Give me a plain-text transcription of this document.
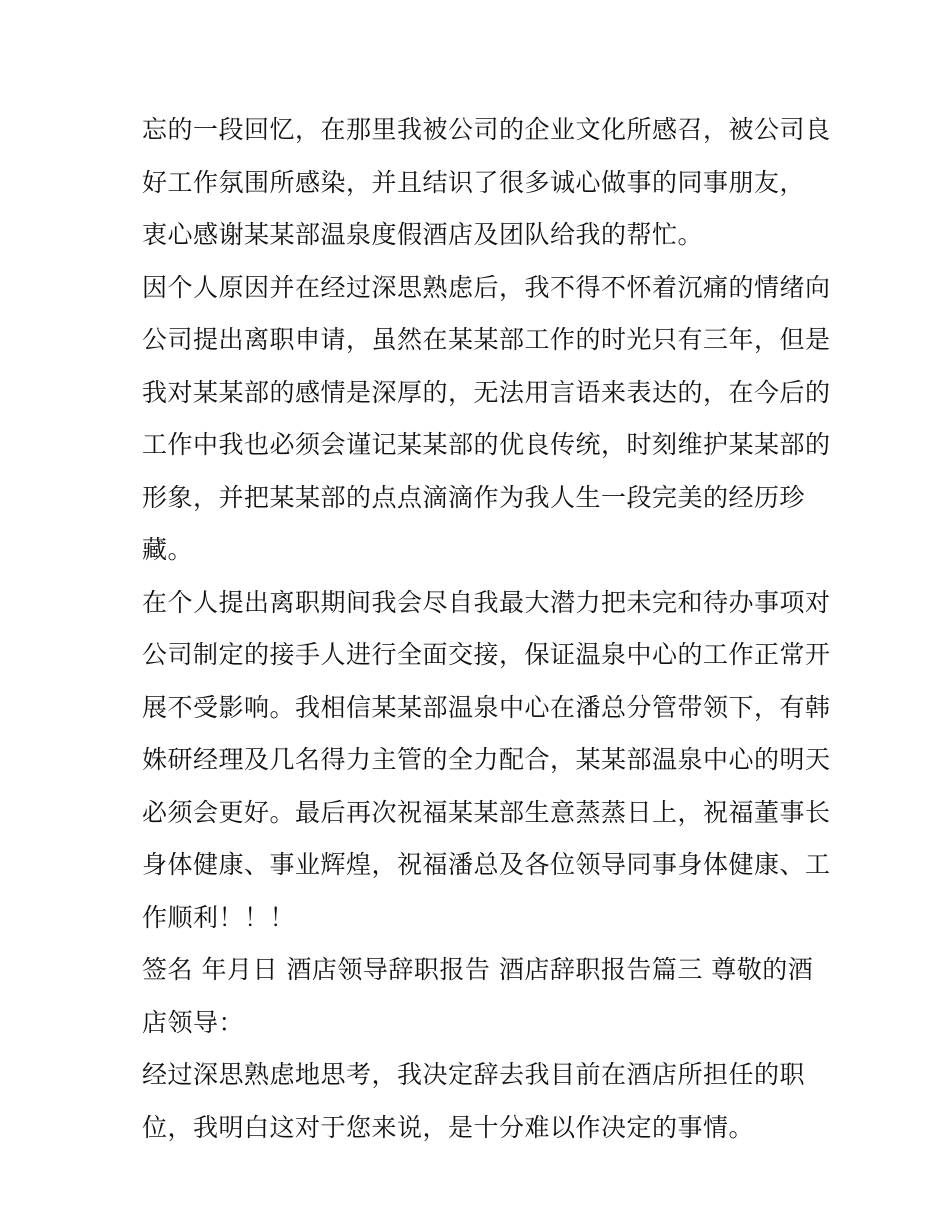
忘的一段回忆，在那里我被公司的企业文化所感召，被公司良
好工作氛围所感染，并且结识了很多诚心做事的同事朋友，
衷心感谢某某部温泉度假酒店及团队给我的帮忙。
因个人原因并在经过深思熟虑后，我不得不怀着沉痛的情绪向
公司提出离职申请，虽然在某某部工作的时光只有三年，但是
我对某某部的感情是深厚的，无法用言语来表达的，在今后的
工作中我也必须会谨记某某部的优良传统，时刻维护某某部的
形象，并把某某部的点点滴滴作为我人生一段完美的经历珍
藏。
在个人提出离职期间我会尽自我最大潜力把未完和待办事项对
公司制定的接手人进行全面交接，保证温泉中心的工作正常开
展不受影响。我相信某某部温泉中心在潘总分管带领下，有韩
姝研经理及几名得力主管的全力配合，某某部温泉中心的明天
必须会更好。最后再次祝福某某部生意蒸蒸日上，祝福董事长
身体健康、事业辉煌，祝福潘总及各位领导同事身体健康、工
作顺利！！！
签名 年月日 酒店领导辞职报告 酒店辞职报告篇三 尊敬的酒
店领导：
经过深思熟虑地思考，我决定辞去我目前在酒店所担任的职
位，我明白这对于您来说，是十分难以作决定的事情。
